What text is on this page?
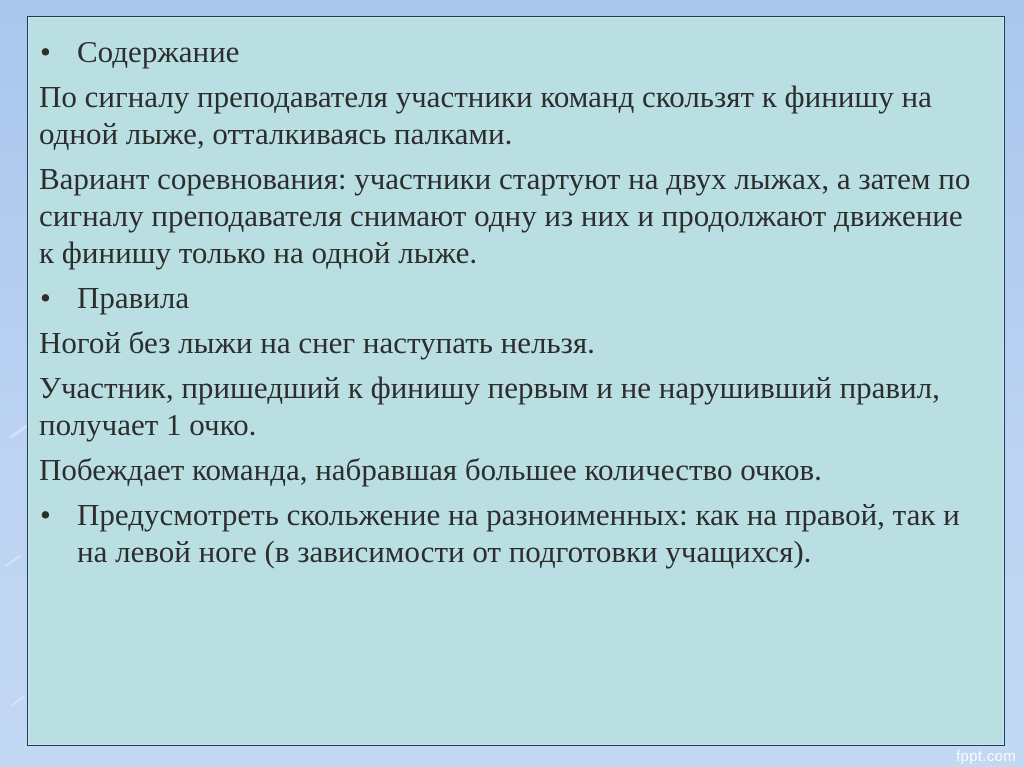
• Содержание

По сигналу преподавателя участники команд скользят к финишу на одной лыже, отталкиваясь палками.

Вариант соревнования: участники стартуют на двух лыжах, а затем по сигналу преподавателя снимают одну из них и продолжают движение к финишу только на одной лыже.

• Правила

Ногой без лыжи на снег наступать нельзя.

Участник, пришедший к финишу первым и не нарушивший правил, получает 1 очко.

Побеждает команда, набравшая большее количество очков.

• Предусмотреть скольжение на разноименных: как на правой, так и на левой ноге (в зависимости от подготовки учащихся).
fppt.com
